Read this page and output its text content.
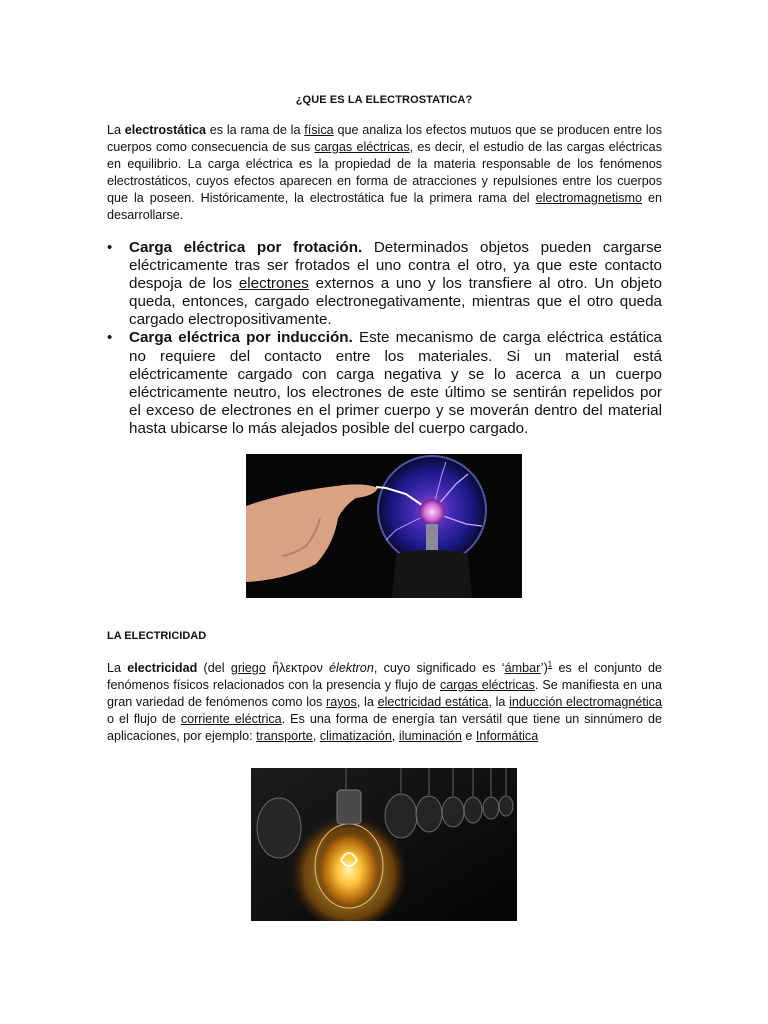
¿QUE ES LA ELECTROSTATICA?
La electrostática es la rama de la física que analiza los efectos mutuos que se producen entre los cuerpos como consecuencia de sus cargas eléctricas, es decir, el estudio de las cargas eléctricas en equilibrio. La carga eléctrica es la propiedad de la materia responsable de los fenómenos electrostáticos, cuyos efectos aparecen en forma de atracciones y repulsiones entre los cuerpos que la poseen. Históricamente, la electrostática fue la primera rama del electromagnetismo en desarrollarse.
• Carga eléctrica por frotación. Determinados objetos pueden cargarse eléctricamente tras ser frotados el uno contra el otro, ya que este contacto despoja de los electrones externos a uno y los transfiere al otro. Un objeto queda, entonces, cargado electronegativamente, mientras que el otro queda cargado electropositivamente.
• Carga eléctrica por inducción. Este mecanismo de carga eléctrica estática no requiere del contacto entre los materiales. Si un material está eléctricamente cargado con carga negativa y se lo acerca a un cuerpo eléctricamente neutro, los electrones de este último se sentirán repelidos por el exceso de electrones en el primer cuerpo y se moverán dentro del material hasta ubicarse lo más alejados posible del cuerpo cargado.
LA ELECTRICIDAD
La electricidad (del griego ἤλεκτρον élektron, cuyo significado es ‘ámbar’)$^1$ es el conjunto de fenómenos físicos relacionados con la presencia y flujo de cargas eléctricas. Se manifiesta en una gran variedad de fenómenos como los rayos, la electricidad estática, la inducción electromagnética o el flujo de corriente eléctrica. Es una forma de energía tan versátil que tiene un sinnúmero de aplicaciones, por ejemplo: transporte, climatización, iluminación e Informática
